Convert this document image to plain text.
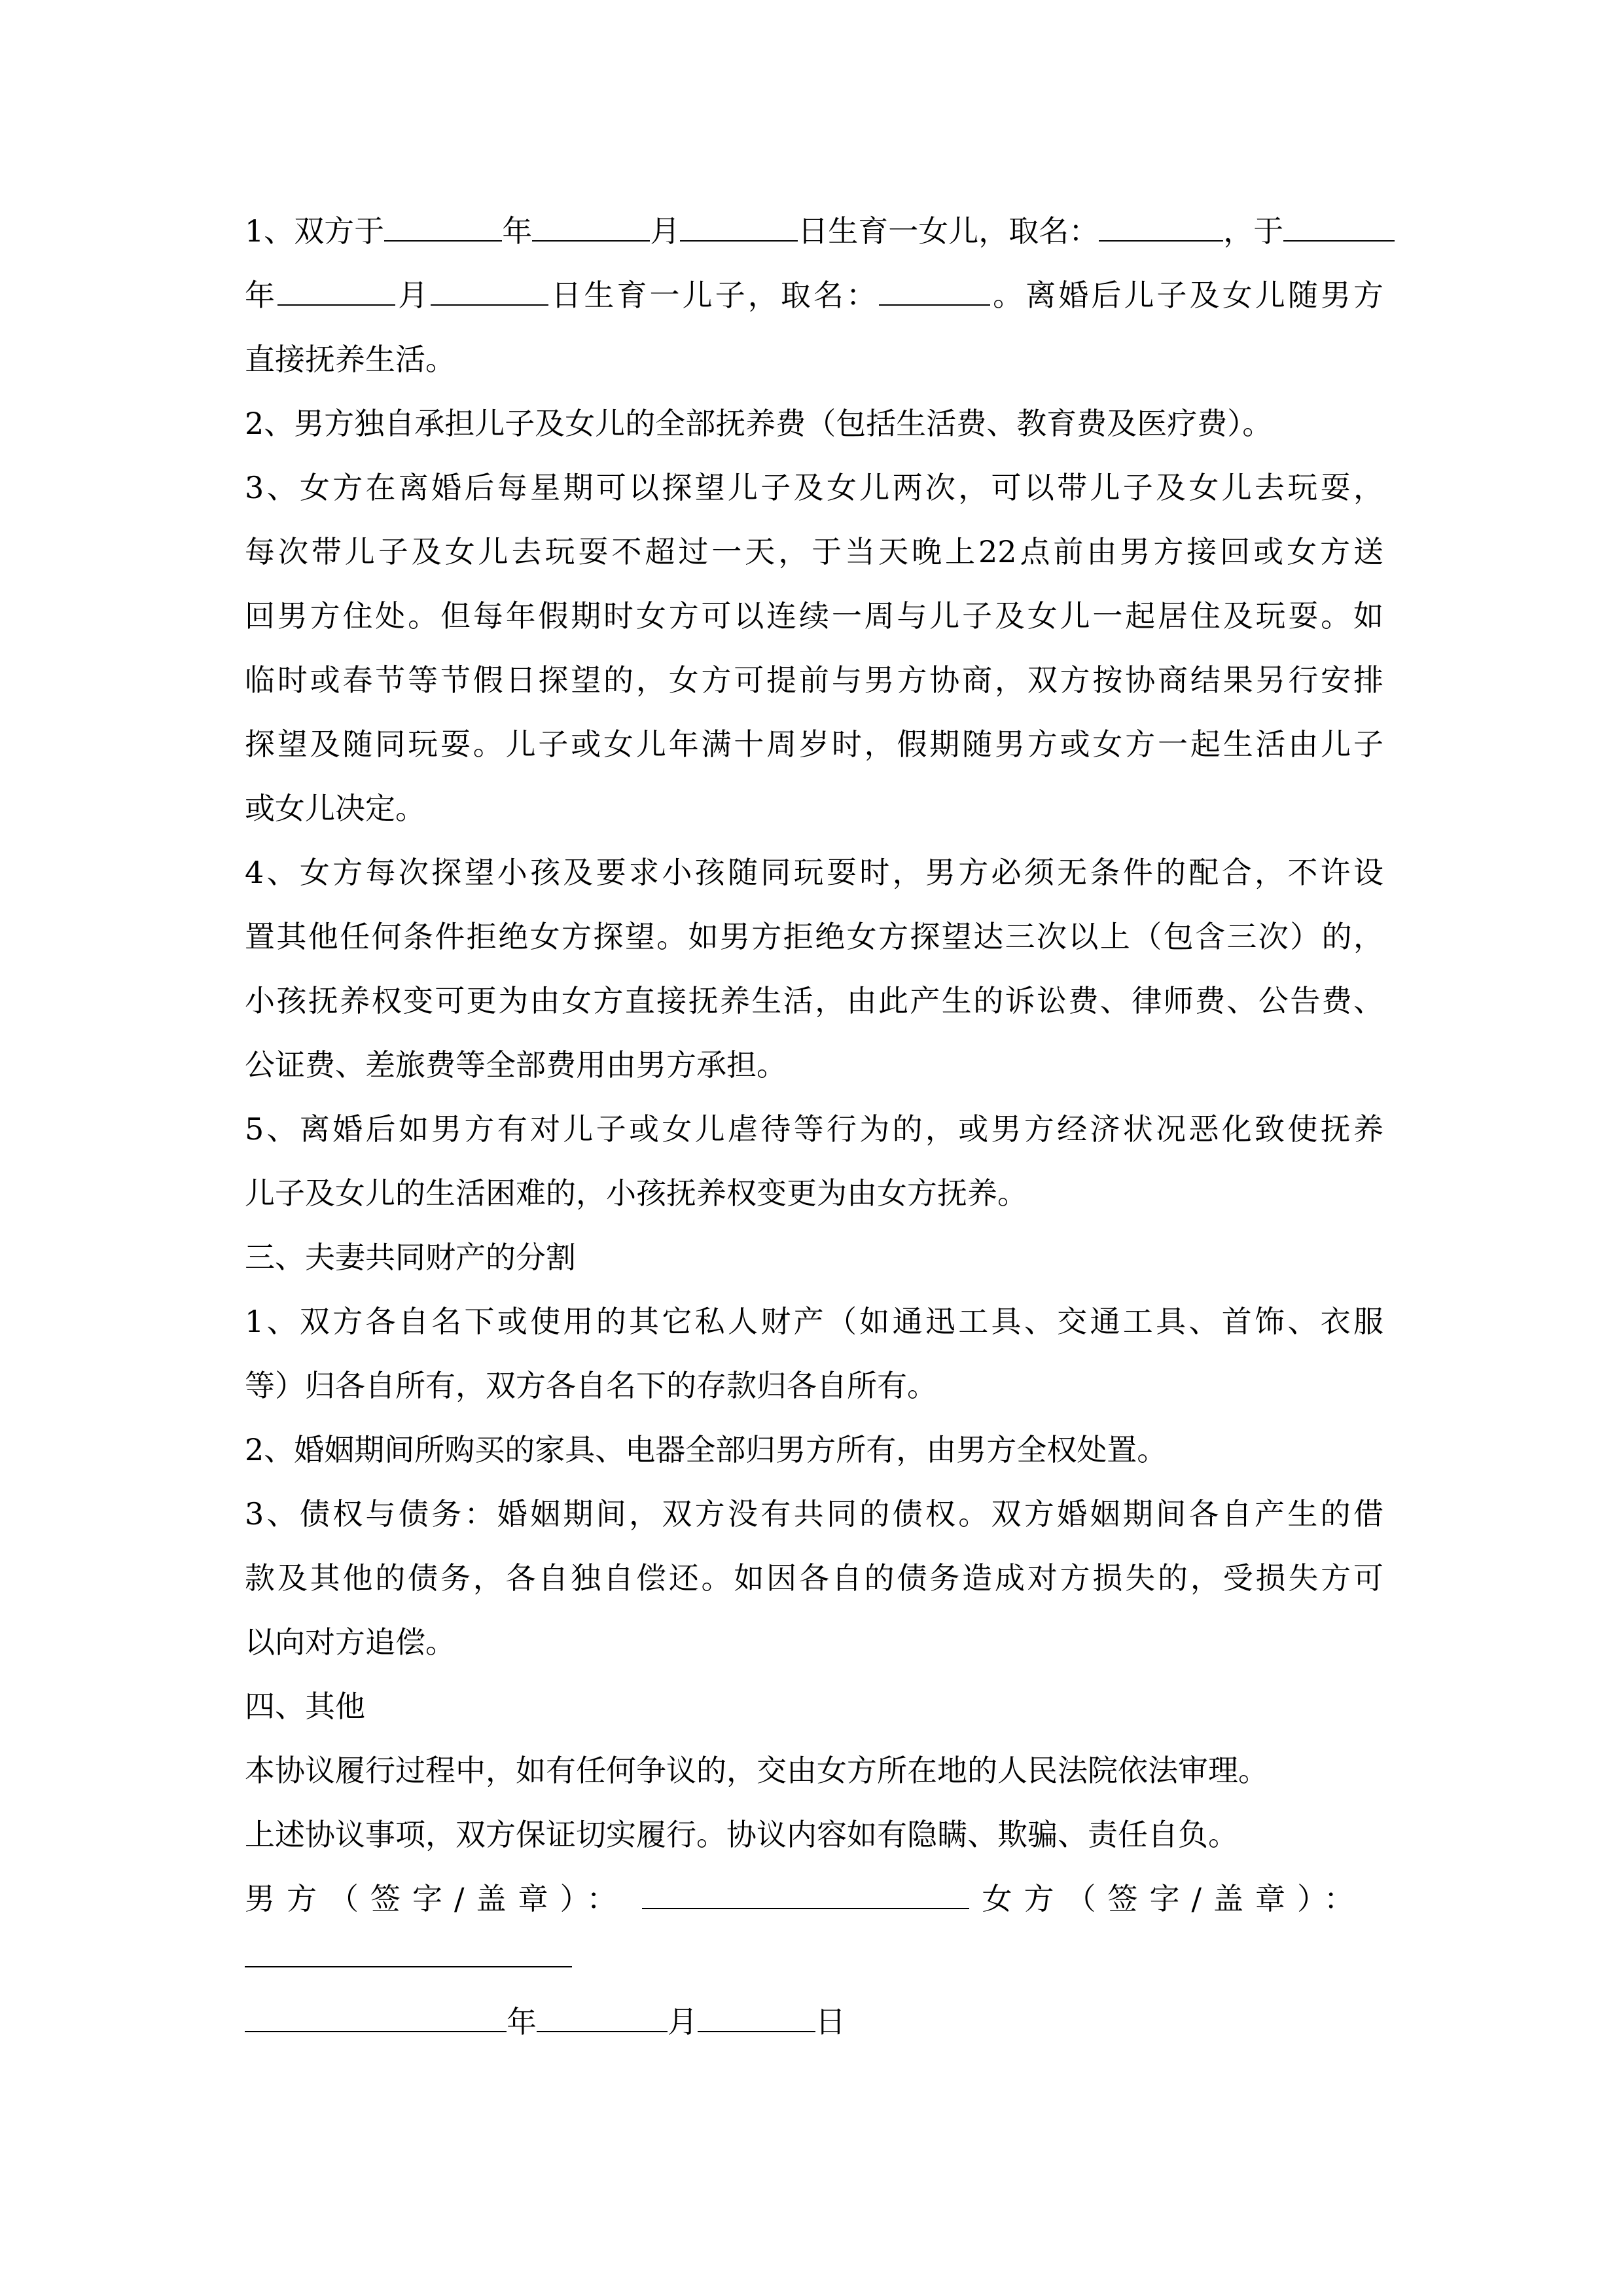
1、双方于	年	月	日生育一女儿，取名：	，于

年	月	日生育一儿子，取名：	。离婚后儿子及女儿随男方

直接抚养生活。

2、男方独自承担儿子及女儿的全部抚养费（包括生活费、教育费及医疗费）。

3、女方在离婚后每星期可以探望儿子及女儿两次，可以带儿子及女儿去玩耍，

每次带儿子及女儿去玩耍不超过一天，于当天晚上22点前由男方接回或女方送

回男方住处。但每年假期时女方可以连续一周与儿子及女儿一起居住及玩耍。如

临时或春节等节假日探望的，女方可提前与男方协商，双方按协商结果另行安排

探望及随同玩耍。儿子或女儿年满十周岁时，假期随男方或女方一起生活由儿子

或女儿决定。

4、女方每次探望小孩及要求小孩随同玩耍时，男方必须无条件的配合，不许设

置其他任何条件拒绝女方探望。如男方拒绝女方探望达三次以上（包含三次）的，

小孩抚养权变可更为由女方直接抚养生活，由此产生的诉讼费、律师费、公告费、

公证费、差旅费等全部费用由男方承担。

5、离婚后如男方有对儿子或女儿虐待等行为的，或男方经济状况恶化致使抚养

儿子及女儿的生活困难的，小孩抚养权变更为由女方抚养。

三、夫妻共同财产的分割

1、双方各自名下或使用的其它私人财产（如通迅工具、交通工具、首饰、衣服

等）归各自所有，双方各自名下的存款归各自所有。

2、婚姻期间所购买的家具、电器全部归男方所有，由男方全权处置。

3、债权与债务：婚姻期间，双方没有共同的债权。双方婚姻期间各自产生的借

款及其他的债务，各自独自偿还。如因各自的债务造成对方损失的，受损失方可

以向对方追偿。

四、其他

本协议履行过程中，如有任何争议的，交由女方所在地的人民法院依法审理。

上述协议事项，双方保证切实履行。协议内容如有隐瞒、欺骗、责任自负。

男方（签字/盖章）：	女方（签字/盖章）：

年	月	日
